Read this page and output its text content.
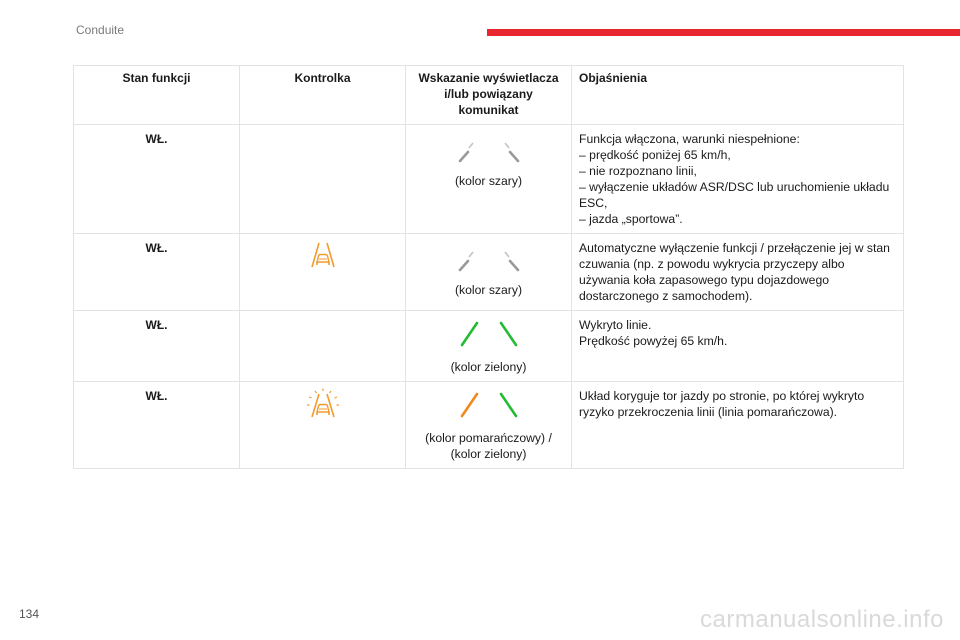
Conduite
Stan funkcji	Kontrolka	Wskazanie wyświetlacza i/lub powiązany komunikat	Objaśnienia
WŁ.		(kolor szary)	Funkcja włączona, warunki niespełnione:

– prędkość poniżej 65 km/h,

– nie rozpoznano linii,

– wyłączenie układów ASR/DSC lub uruchomienie układu ESC,

– jazda „sportowa”.

WŁ.		(kolor szary)	Automatyczne wyłączenie funkcji / przełączenie jej w stan czuwania (np. z powodu wykrycia przyczepy albo używania koła zapasowego typu dojazdowego dostarczonego z samochodem).

WŁ.		(kolor zielony)	Wykryto linie.

Prędkość powyżej 65 km/h.

WŁ.		(kolor pomarańczowy) / (kolor zielony)	Układ koryguje tor jazdy po stronie, po której wykryto ryzyko przekroczenia linii (linia pomarańczowa).

134	carmanualsonline.info
